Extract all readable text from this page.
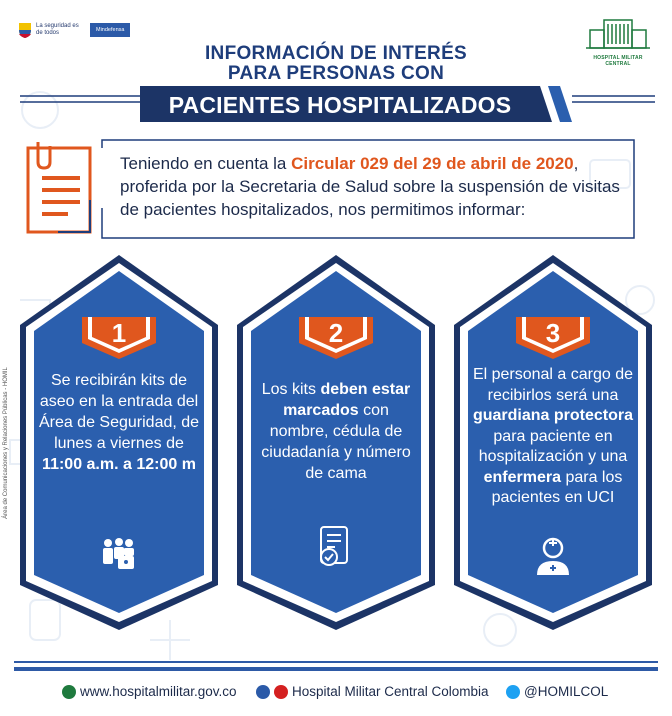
La seguridad es de todos	Mindefensa
HOSPITAL MILITAR CENTRAL
INFORMACIÓN DE INTERÉS
PARA PERSONAS CON
PACIENTES HOSPITALIZADOS
Teniendo en cuenta la Circular 029 del 29 de abril de 2020, proferida por la Secretaria de Salud sobre la suspensión de visitas de pacientes hospitalizados, nos permitimos informar:
Área de Comunicaciones y Relaciones Públicas - HOMIL
1
Se recibirán kits de aseo en la entrada del Área de Seguridad, de lunes a viernes de 11:00 a.m. a 12:00 m
2
Los kits deben estar marcados con nombre, cédula de ciudadanía y número de cama
3
El personal a cargo de recibirlos será una guardiana protectora para paciente en hospitalización y una enfermera para los pacientes en UCI
www.hospitalmilitar.gov.co	Hospital Militar Central Colombia	@HOMILCOL
